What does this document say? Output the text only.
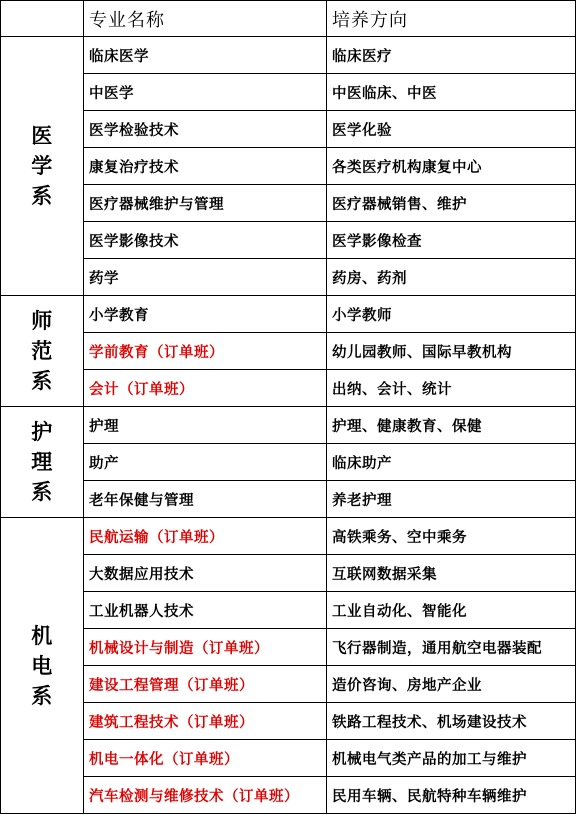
	专业名称	培养方向
医学系	临床医学	临床医疗
	中医学	中医临床、中医
	医学检验技术	医学化验
	康复治疗技术	各类医疗机构康复中心
	医疗器械维护与管理	医疗器械销售、维护
	医学影像技术	医学影像检查
	药学	药房、药剂
师范系	小学教育	小学教师
	学前教育（订单班）	幼儿园教师、国际早教机构
	会计（订单班）	出纳、会计、统计
护理系	护理	护理、健康教育、保健
	助产	临床助产
	老年保健与管理	养老护理
机电系	民航运输（订单班）	高铁乘务、空中乘务
	大数据应用技术	互联网数据采集
	工业机器人技术	工业自动化、智能化
	机械设计与制造（订单班）	飞行器制造，通用航空电器装配
	建设工程管理（订单班）	造价咨询、房地产企业
	建筑工程技术（订单班）	铁路工程技术、机场建设技术
	机电一体化（订单班）	机械电气类产品的加工与维护
	汽车检测与维修技术（订单班）	民用车辆、民航特种车辆维护
